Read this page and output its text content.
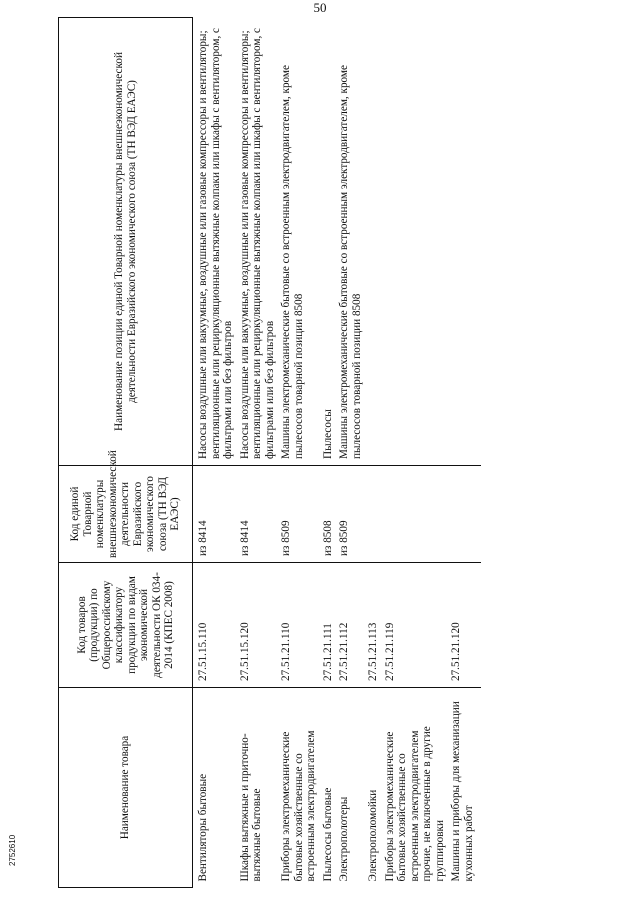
50
Наименование товара	Код товаров (продукции) по Общероссийскому классификатору продукции по видам экономической деятельности ОК 034-2014 (КПЕС 2008)	Код единой Товарной номенклатуры внешнеэкономической деятельности Евразийского экономического союза (ТН ВЭД ЕАЭС)	Наименование позиции единой Товарной номенклатуры внешнеэкономической деятельности Евразийского экономического союза (ТН ВЭД ЕАЭС)
Вентиляторы бытовые	27.51.15.110	из 8414	Насосы воздушные или вакуумные, воздушные или газовые компрессоры и вентиляторы; вентиляционные или рециркуляционные вытяжные колпаки или шкафы с вентилятором, с фильтрами или без фильтров
Шкафы вытяжные и приточно-вытяжные бытовые	27.51.15.120	из 8414	Насосы воздушные или вакуумные, воздушные или газовые компрессоры и вентиляторы; вентиляционные или рециркуляционные вытяжные колпаки или шкафы с вентилятором, с фильтрами или без фильтров
Приборы электромеханические бытовые хозяйственные со встроенным электродвигателем	27.51.21.110	из 8509	Машины электромеханические бытовые со встроенным электродвигателем, кроме пылесосов товарной позиции 8508
Пылесосы бытовые	27.51.21.111	из 8508	Пылесосы
Электрополотеры	27.51.21.112	из 8509	Машины электромеханические бытовые со встроенным электродвигателем, кроме пылесосов товарной позиции 8508
Электрополомойки	27.51.21.113		
Приборы электромеханические бытовые хозяйственные со встроенным электродвигателем прочие, не включенные в другие группировки	27.51.21.119		
Машины и приборы для механизации кухонных работ	27.51.21.120		
2752610
